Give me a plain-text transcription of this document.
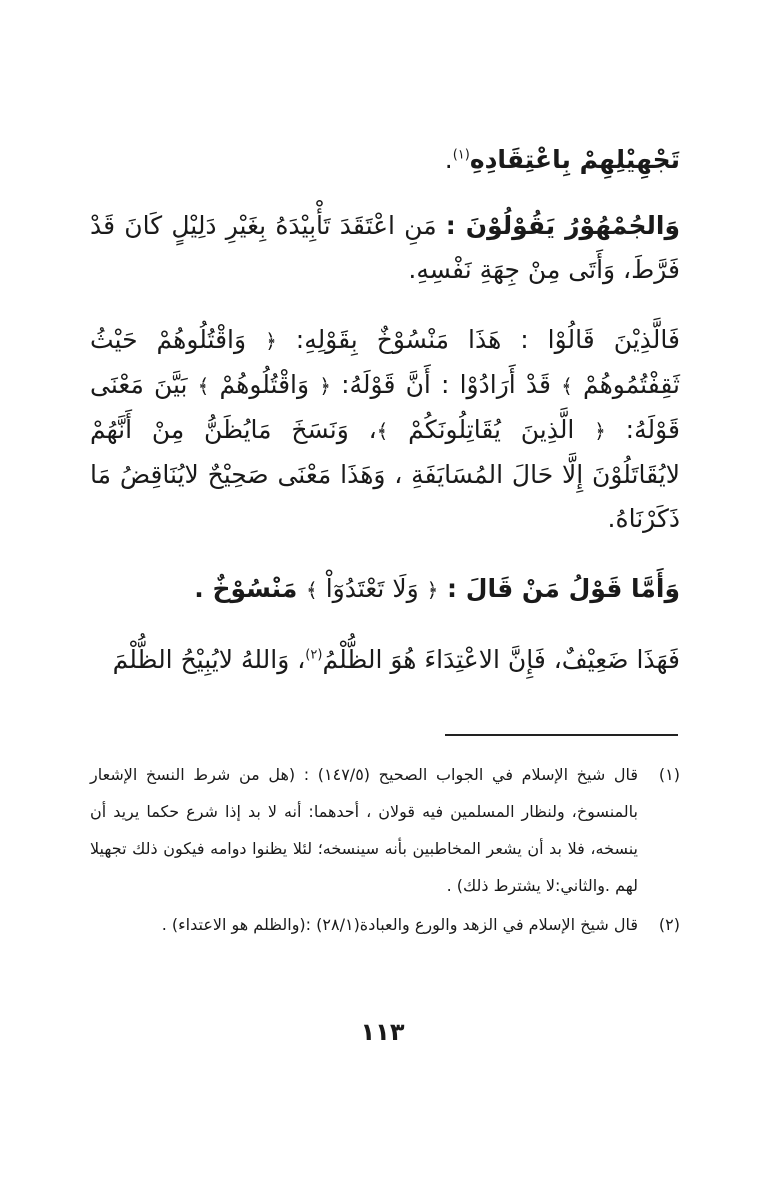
تَجْهِيْلِهِمْ بِاعْتِقَادِهِ$^{(١)}$.

وَالجُمْهُوْرُ يَقُوْلُوْنَ : مَنِ اعْتَقَدَ تَأْبِيْدَهُ بِغَيْرِ دَلِيْلٍ كَانَ قَدْ فَرَّطَ، وَأَتَى مِنْ جِهَةِ نَفْسِهِ.

فَالَّذِيْنَ قَالُوْا : هَذَا مَنْسُوْخٌ بِقَوْلِهِ: ﴿ وَاقْتُلُوهُمْ حَيْثُ ثَقِفْتُمُوهُمْ ﴾ قَدْ أَرَادُوْا : أَنَّ قَوْلَهُ: ﴿ وَاقْتُلُوهُمْ ﴾ بَيَّنَ مَعْنَى قَوْلَهُ: ﴿ الَّذِينَ يُقَاتِلُونَكُمْ ﴾، وَنَسَخَ مَايُظَنُّ مِنْ أَنَّهُمْ لايُقَاتَلُوْنَ إِلَّا حَالَ المُسَايَفَةِ ، وَهَذَا مَعْنَى صَحِيْحٌ لايُنَاقِضُ مَا ذَكَرْنَاهُ.

وَأَمَّا قَوْلُ مَنْ قَالَ : ﴿ وَلَا تَعْتَدُوٓاْ ﴾ مَنْسُوْخٌ .

فَهَذَا ضَعِيْفٌ، فَإِنَّ الاعْتِدَاءَ هُوَ الظُّلْمُ$^{(٢)}$، وَاللهُ لايُبِيْحُ الظُّلْمَ

(١)
قال شيخ الإسلام في الجواب الصحيح (١٤٧/٥) : (هل من شرط النسخ الإشعار بالمنسوخ، ولنظار المسلمين فيه قولان ، أحدهما: أنه لا بد إذا شرع حكما يريد أن ينسخه، فلا بد أن يشعر المخاطبين بأنه سينسخه؛ لئلا يظنوا دوامه فيكون ذلك تجهيلا لهم .والثاني:لا يشترط ذلك) .
(٢)
قال شيخ الإسلام في الزهد والورع والعبادة(٢٨/١) :(والظلم هو الاعتداء) .
١١٣
